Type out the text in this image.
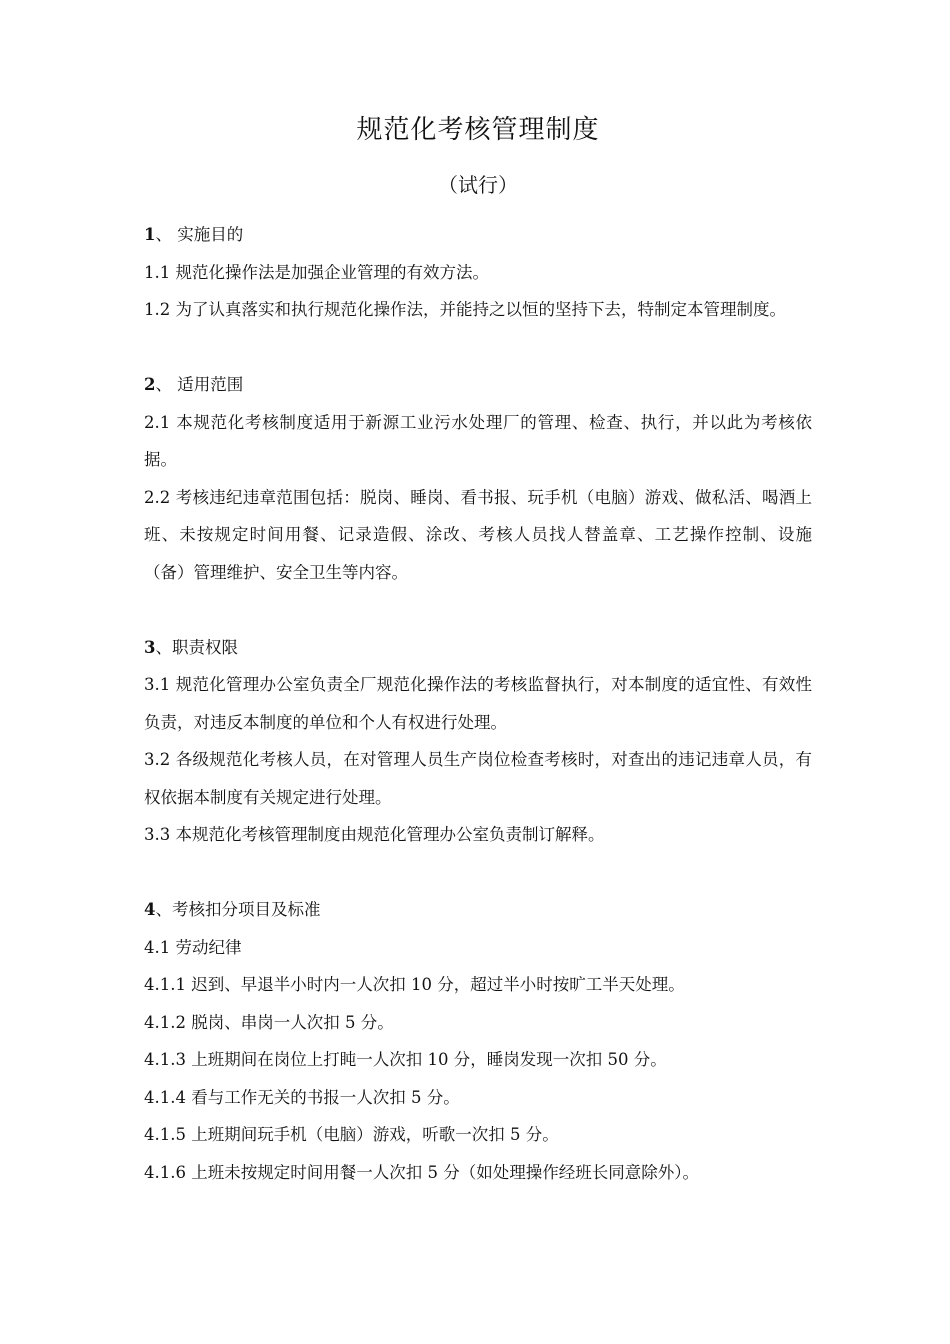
规范化考核管理制度
（试行）

1、 实施目的

1.1 规范化操作法是加强企业管理的有效方法。

1.2 为了认真落实和执行规范化操作法，并能持之以恒的坚持下去，特制定本管理制度。

2、 适用范围

2.1 本规范化考核制度适用于新源工业污水处理厂的管理、检查、执行，并以此为考核依据。

2.2 考核违纪违章范围包括：脱岗、睡岗、看书报、玩手机（电脑）游戏、做私活、喝酒上班、未按规定时间用餐、记录造假、涂改、考核人员找人替盖章、工艺操作控制、设施（备）管理维护、安全卫生等内容。

3、职责权限

3.1 规范化管理办公室负责全厂规范化操作法的考核监督执行，对本制度的适宜性、有效性负责，对违反本制度的单位和个人有权进行处理。

3.2 各级规范化考核人员，在对管理人员生产岗位检查考核时，对查出的违记违章人员，有权依据本制度有关规定进行处理。

3.3 本规范化考核管理制度由规范化管理办公室负责制订解释。

4、考核扣分项目及标准

4.1 劳动纪律

4.1.1 迟到、早退半小时内一人次扣 10 分，超过半小时按旷工半天处理。

4.1.2 脱岗、串岗一人次扣 5 分。

4.1.3 上班期间在岗位上打盹一人次扣 10 分，睡岗发现一次扣 50 分。

4.1.4 看与工作无关的书报一人次扣 5 分。

4.1.5 上班期间玩手机（电脑）游戏，听歌一次扣 5 分。

4.1.6 上班未按规定时间用餐一人次扣 5 分（如处理操作经班长同意除外）。
